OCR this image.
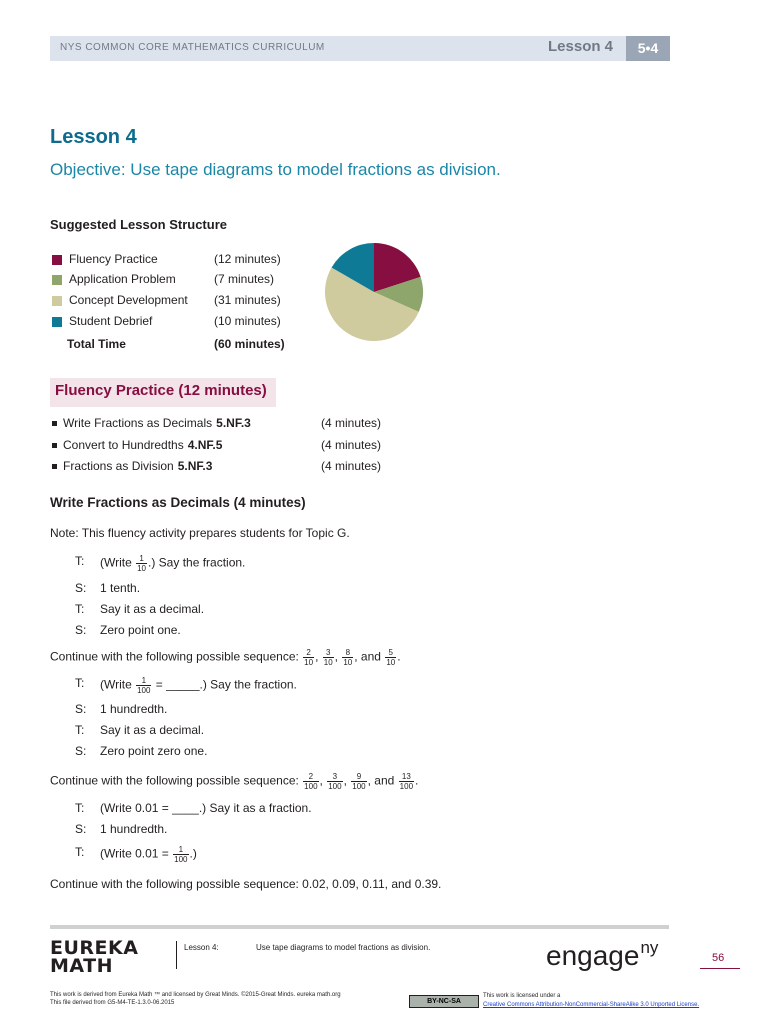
NYS COMMON CORE MATHEMATICS CURRICULUM	Lesson 4	5•4
Lesson 4
Objective: Use tape diagrams to model fractions as division.
Suggested Lesson Structure
Fluency Practice	(12 minutes)
Application Problem	(7 minutes)
Concept Development (31 minutes)
Student Debrief	(10 minutes)
Total Time	(60 minutes)
Fluency Practice (12 minutes)
Write Fractions as Decimals 5.NF.3	(4 minutes)
Convert to Hundredths 4.NF.5	(4 minutes)
Fractions as Division 5.NF.3	(4 minutes)
Write Fractions as Decimals (4 minutes)
Note: This fluency activity prepares students for Topic G.
T: (Write $\frac{1}{10}$ .) Say the fraction.
S: 1 tenth.
T: Say it as a decimal.
S: Zero point one.
Continue with the following possible sequence: $\frac{2}{10}$ , $\frac{3}{10}$ , $\frac{8}{10}$ , and $\frac{5}{10}$ .
T: (Write $\frac{1}{100}$ = _____.) Say the fraction.
S: 1 hundredth.
T: Say it as a decimal.
S: Zero point zero one.
Continue with the following possible sequence: $\frac{2}{100}$ , $\frac{3}{100}$ , $\frac{9}{100}$ , and $\frac{13}{100}$ .
T: (Write 0.01 = ____.) Say it as a fraction.
S: 1 hundredth.
T: (Write $0.01 = \frac{1}{100}$ .)
Continue with the following possible sequence: 0.02, 0.09, 0.11, and 0.39.
EUREKA
MATH
Lesson 4:	Use tape diagrams to model fractions as division.	engage$^{ny}$
56
This work is derived from Eureka Math ™ and licensed by Great Minds. ©2015-Great Minds. eureka math.org
This file derived from G5-M4-TE-1.3.0-06.2015	BY-NC-SA
This work is licensed under a
Creative Commons Attribution-NonCommercial-ShareAlike 3.0 Unported License.
